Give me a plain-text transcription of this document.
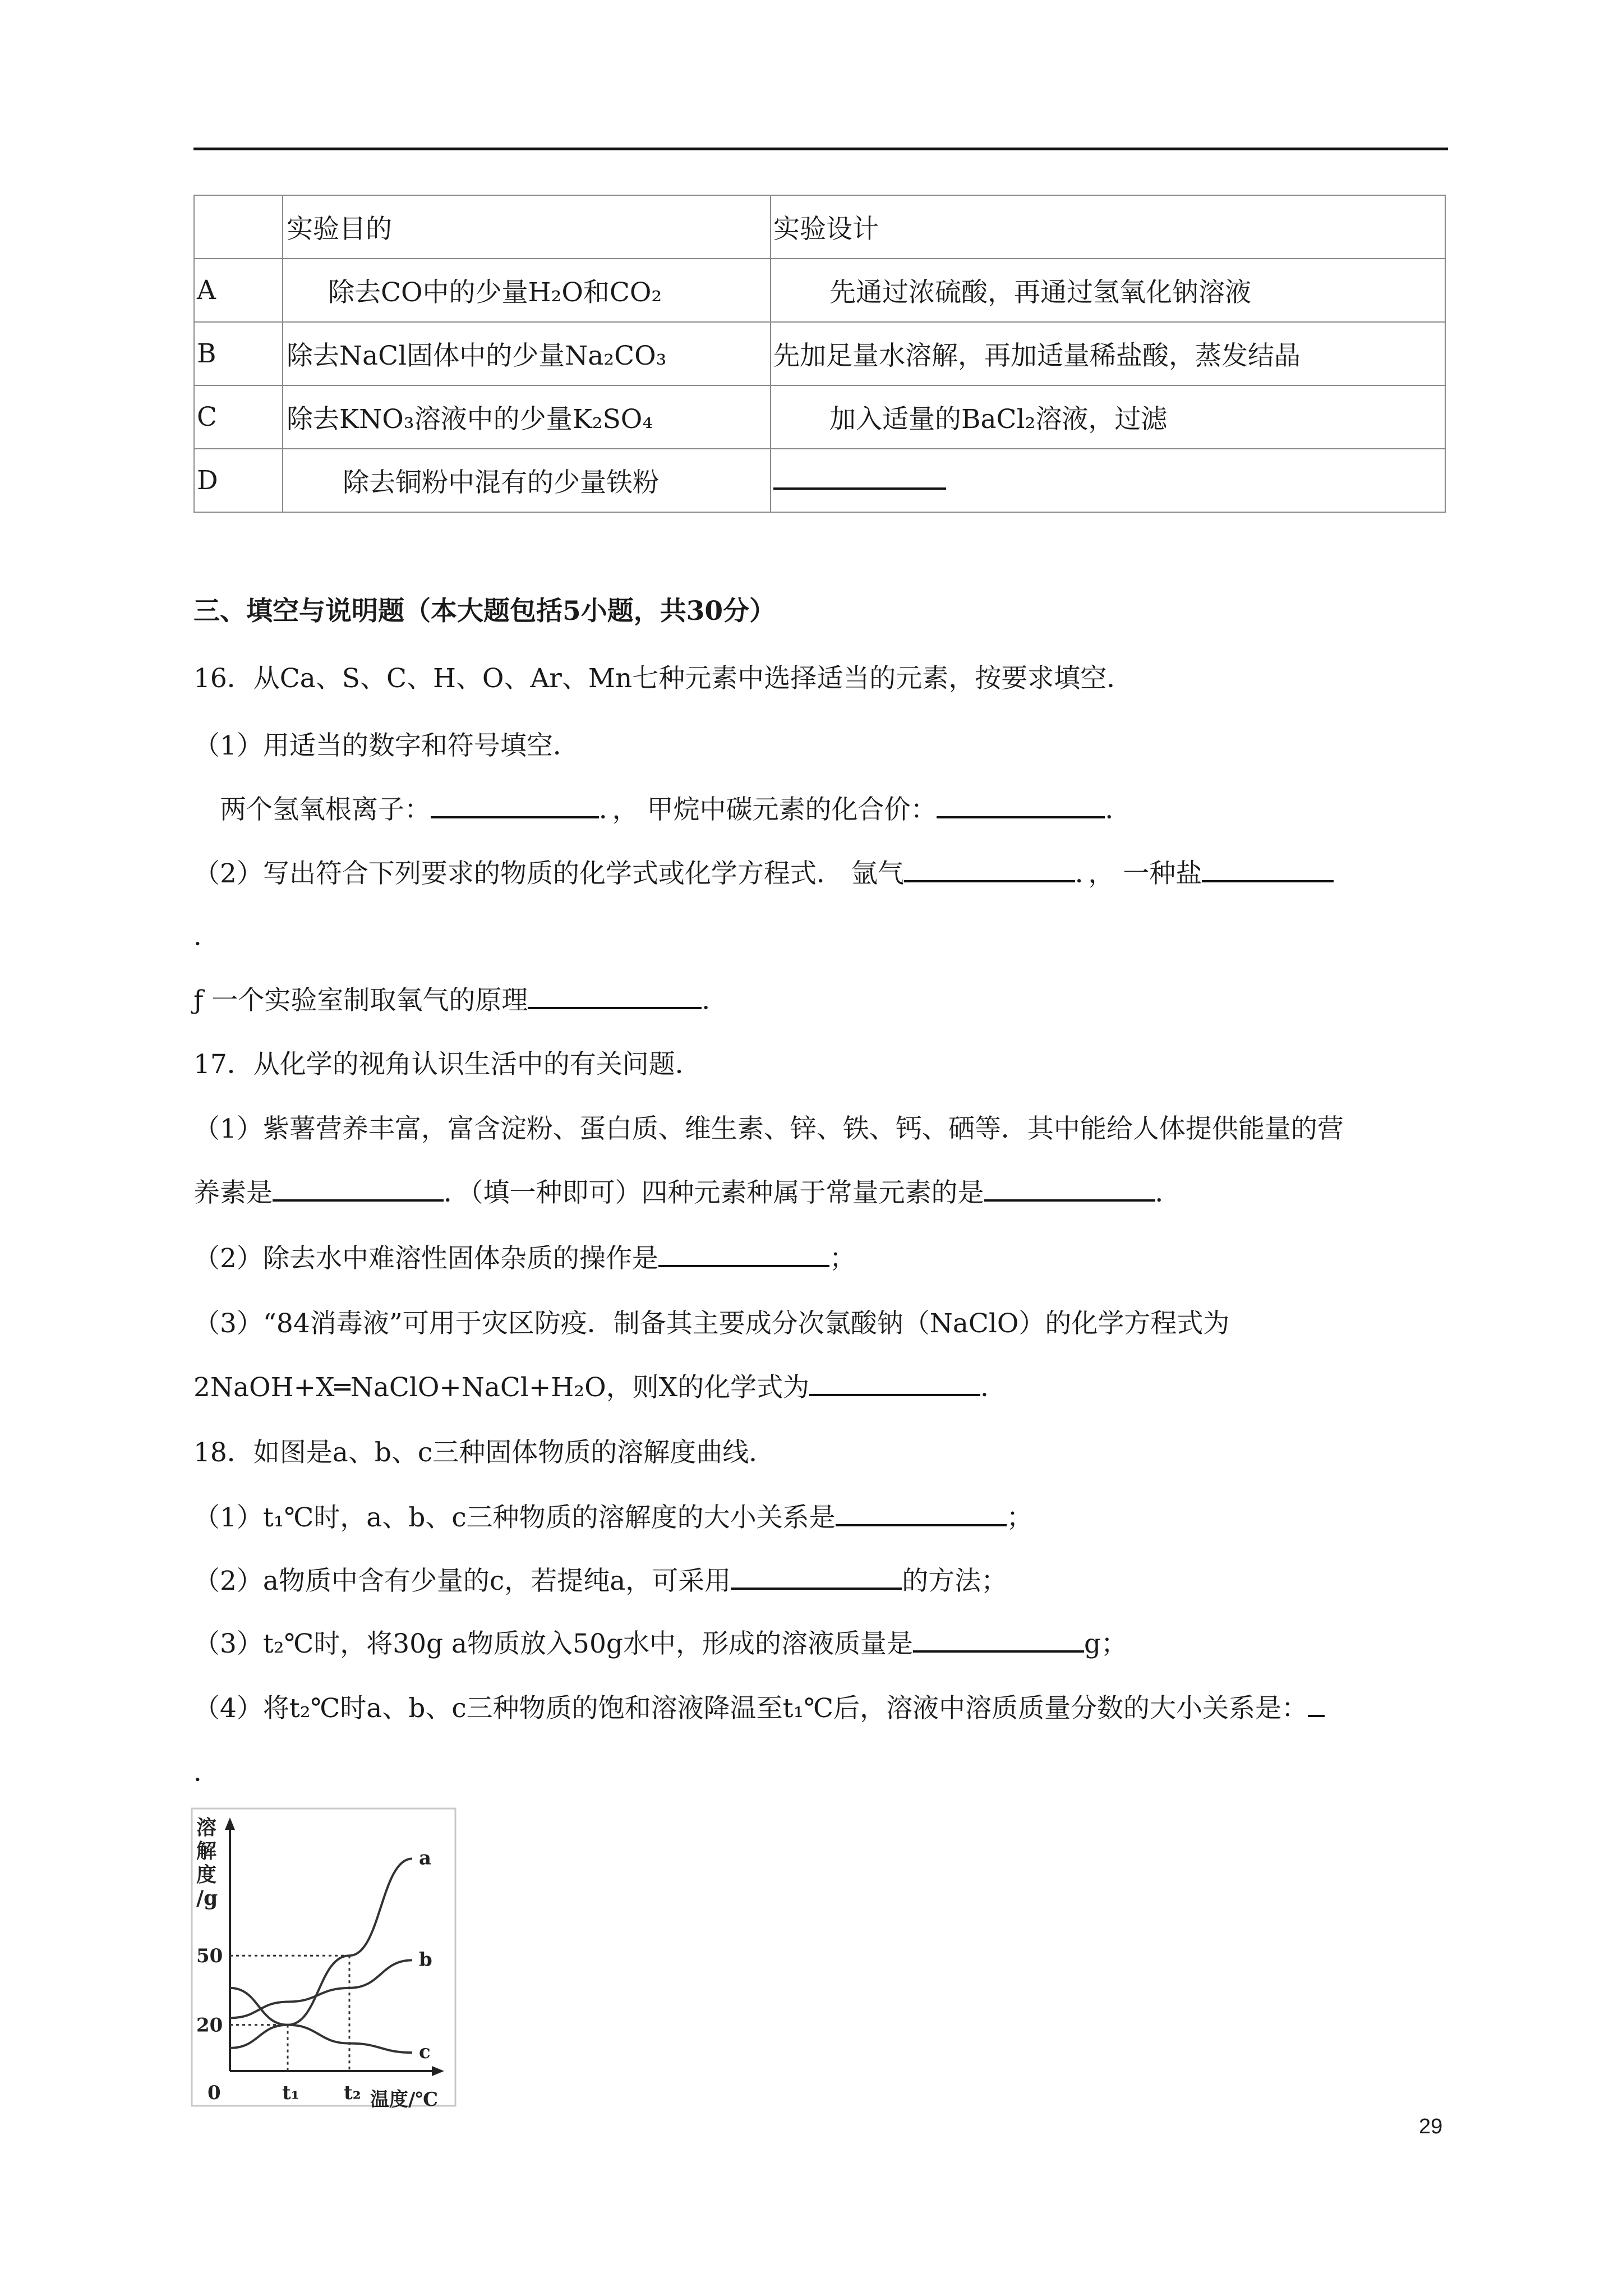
	实验目的	实验设计
A	除去CO中的少量H₂O和CO₂	先通过浓硫酸，再通过氢氧化钠溶液
B	除去NaCl固体中的少量Na₂CO₃	先加足量水溶解，再加适量稀盐酸，蒸发结晶
C	除去KNO₃溶液中的少量K₂SO₄	加入适量的BaCl₂溶液，过滤
D	除去铜粉中混有的少量铁粉	
三、填空与说明题（本大题包括5小题，共30分）
16．从Ca、S、C、H、O、Ar、Mn七种元素中选择适当的元素，按要求填空．
（1）用适当的数字和符号填空．
两个氢氧根离子：	．， 甲烷中碳元素的化合价：	．
（2）写出符合下列要求的物质的化学式或化学方程式． 氩气	．， 一种盐
．
ƒ 一个实验室制取氧气的原理	．
17．从化学的视角认识生活中的有关问题．
（1）紫薯营养丰富，富含淀粉、蛋白质、维生素、锌、铁、钙、硒等．其中能给人体提供能量的营
养素是	．（填一种即可）四种元素种属于常量元素的是	．
（2）除去水中难溶性固体杂质的操作是	；
（3）“84消毒液”可用于灾区防疫．制备其主要成分次氯酸钠（NaClO）的化学方程式为
2NaOH+X═NaClO+NaCl+H₂O，则X的化学式为	．
18．如图是a、b、c三种固体物质的溶解度曲线．
（1）t₁℃时，a、b、c三种物质的溶解度的大小关系是	；
（2）a物质中含有少量的c，若提纯a，可采用	的方法；
（3）t₂℃时，将30g a物质放入50g水中，形成的溶液质量是	g；
（4）将t₂℃时a、b、c三种物质的饱和溶液降温至t₁℃后，溶液中溶质质量分数的大小关系是：
．
溶
解
度
/g
温度/℃
0	t₁ t₂
20
50
a
b
c
29
